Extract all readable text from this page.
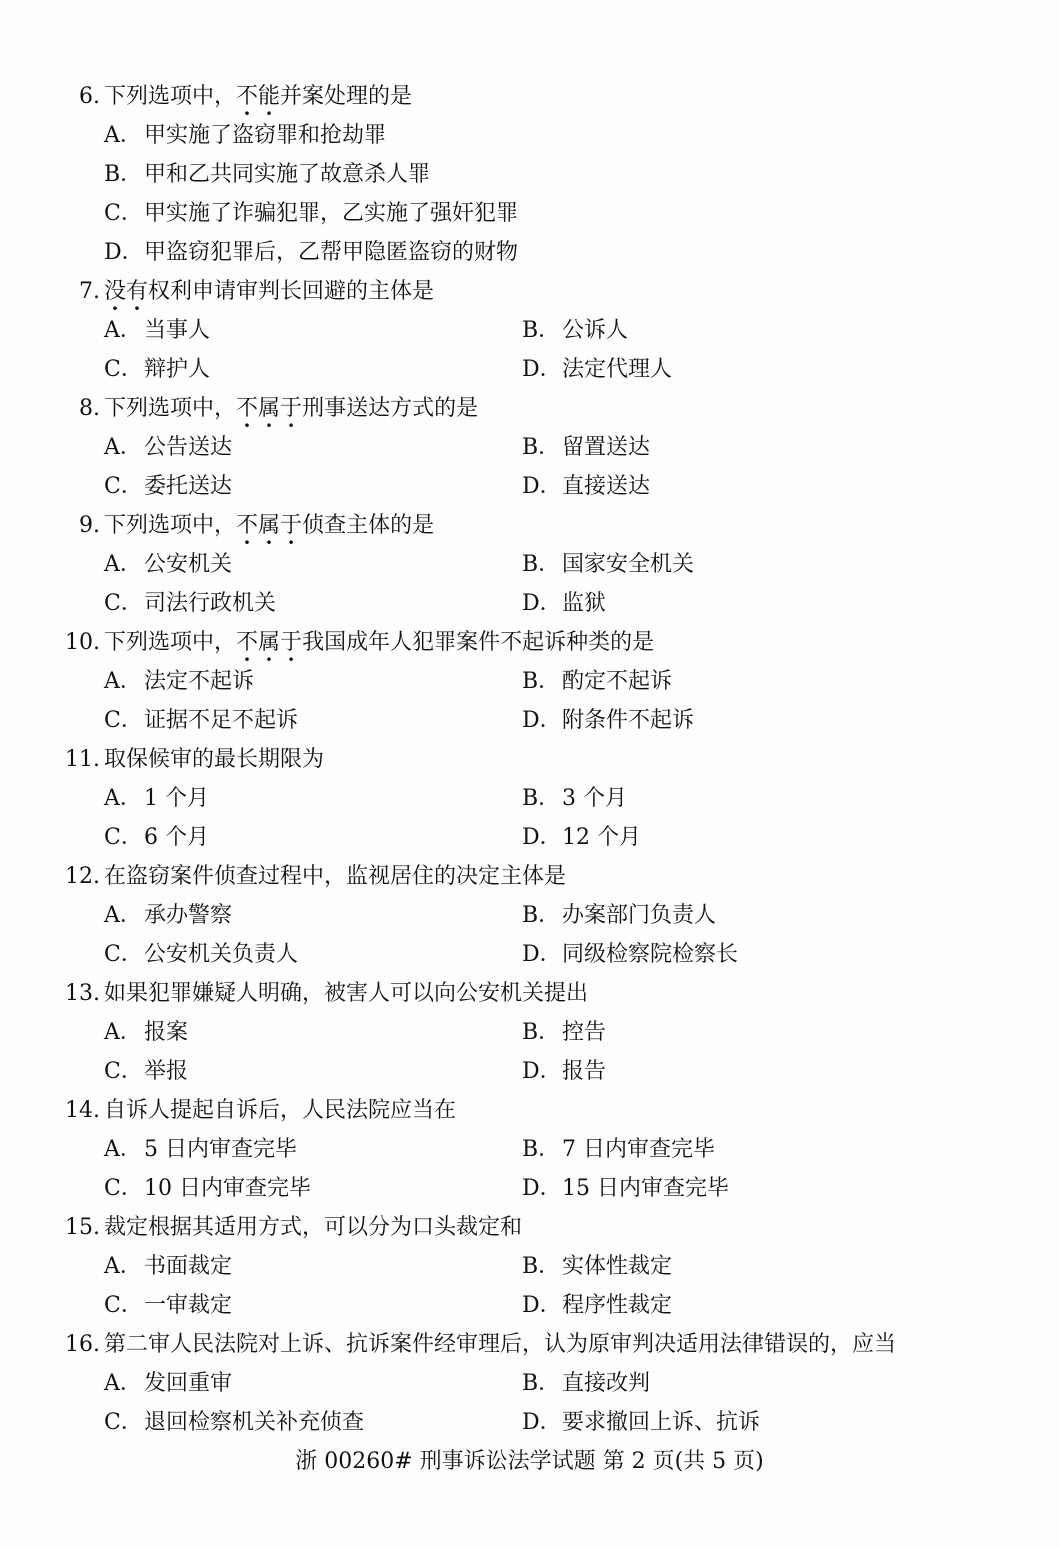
6. 下列选项中，不能并案处理的是
A．甲实施了盗窃罪和抢劫罪
B．甲和乙共同实施了故意杀人罪
C．甲实施了诈骗犯罪，乙实施了强奸犯罪
D．甲盗窃犯罪后，乙帮甲隐匿盗窃的财物
7. 没有权利申请审判长回避的主体是
A．当事人	B．公诉人
C．辩护人	D．法定代理人
8. 下列选项中，不属于刑事送达方式的是
A．公告送达	B．留置送达
C．委托送达	D．直接送达
9. 下列选项中，不属于侦查主体的是
A．公安机关	B．国家安全机关
C．司法行政机关	D．监狱
10. 下列选项中，不属于我国成年人犯罪案件不起诉种类的是
A．法定不起诉	B．酌定不起诉
C．证据不足不起诉	D．附条件不起诉
11. 取保候审的最长期限为
A．1 个月	B．3 个月
C．6 个月	D．12 个月
12. 在盗窃案件侦查过程中，监视居住的决定主体是
A．承办警察	B．办案部门负责人
C．公安机关负责人	D．同级检察院检察长
13. 如果犯罪嫌疑人明确，被害人可以向公安机关提出
A．报案	B．控告
C．举报	D．报告
14. 自诉人提起自诉后，人民法院应当在
A．5 日内审查完毕	B．7 日内审查完毕
C．10 日内审查完毕	D．15 日内审查完毕
15. 裁定根据其适用方式，可以分为口头裁定和
A．书面裁定	B．实体性裁定
C．一审裁定	D．程序性裁定
16. 第二审人民法院对上诉、抗诉案件经审理后，认为原审判决适用法律错误的，应当
A．发回重审	B．直接改判
C．退回检察机关补充侦查	D．要求撤回上诉、抗诉
浙 00260# 刑事诉讼法学试题 第 2 页(共 5 页)
